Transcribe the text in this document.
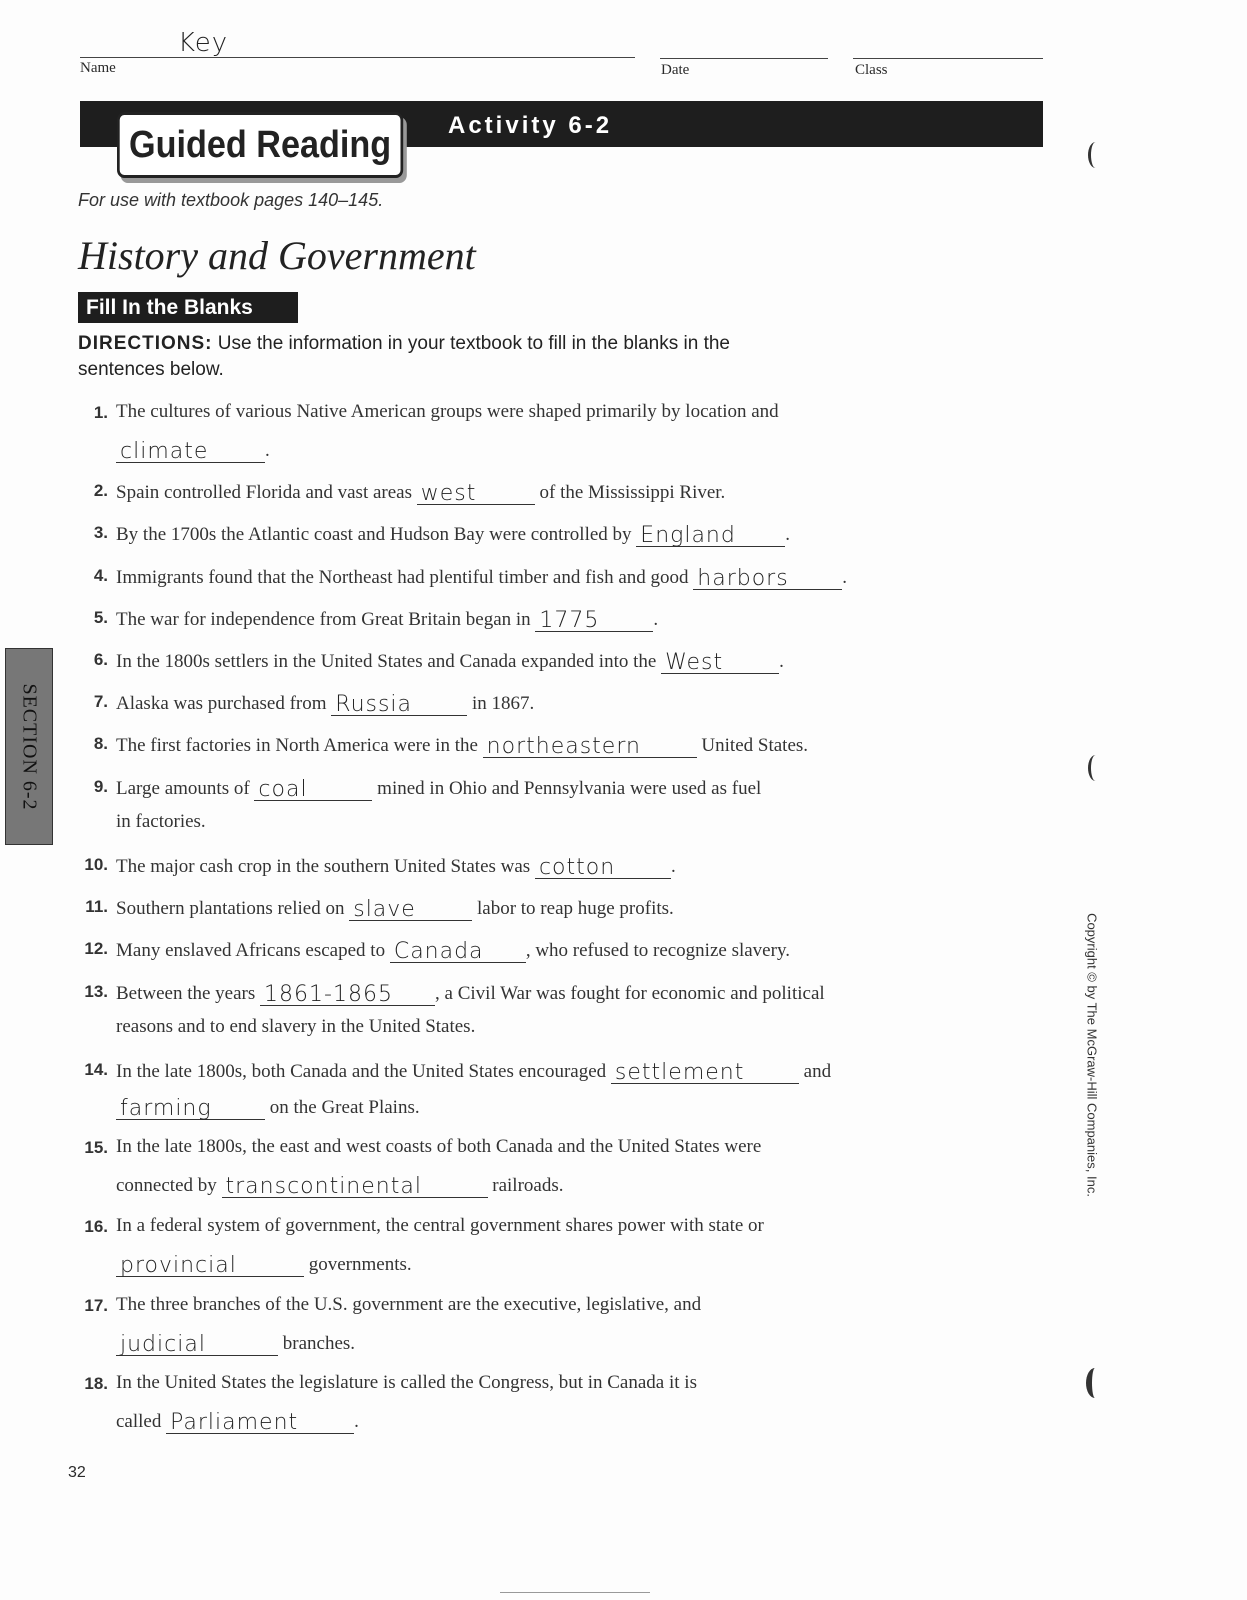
Key
Name	Date	Class
Guided Reading	Activity 6-2
For use with textbook pages 140–145.
History and Government
Fill In the Blanks
DIRECTIONS: Use the information in your textbook to fill in the blanks in the sentences below.
1. The cultures of various Native American groups were shaped primarily by location and
climate	.
2. Spain controlled Florida and vast areas west	of the Mississippi River.
3. By the 1700s the Atlantic coast and Hudson Bay were controlled by England	.
4. Immigrants found that the Northeast had plentiful timber and fish and good harbors	.
5. The war for independence from Great Britain began in 1775	.
6. In the 1800s settlers in the United States and Canada expanded into the West	.
7. Alaska was purchased from Russia	in 1867.
8. The first factories in North America were in the northeastern	United States.
9. Large amounts of coal	mined in Ohio and Pennsylvania were used as fuel
in factories.
10. The major cash crop in the southern United States was cotton	.
11. Southern plantations relied on slave	labor to reap huge profits.
12. Many enslaved Africans escaped to Canada , who refused to recognize slavery.
13. Between the years 1861-1865 , a Civil War was fought for economic and political
reasons and to end slavery in the United States.
14. In the late 1800s, both Canada and the United States encouraged settlement	and
farming	on the Great Plains.
15. In the late 1800s, the east and west coasts of both Canada and the United States were
connected by transcontinental	railroads.
16. In a federal system of government, the central government shares power with state or
provincial	governments.
17. The three branches of the U.S. government are the executive, legislative, and
judicial	branches.
18. In the United States the legislature is called the Congress, but in Canada it is
called Parliament	.
SECTION 6-2
Copyright © by The McGraw-Hill Companies, Inc.
32
